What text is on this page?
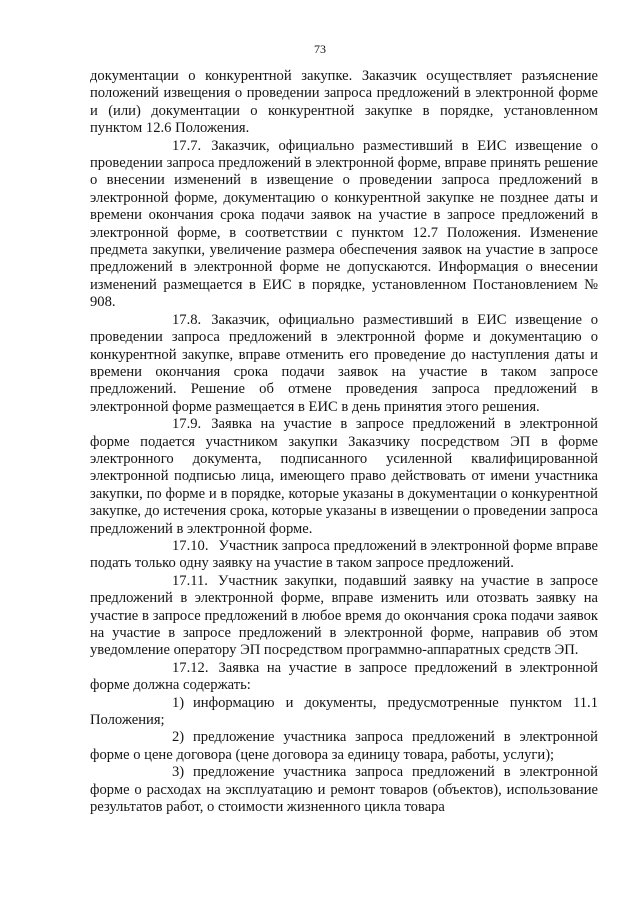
73

документации о конкурентной закупке. Заказчик осуществляет разъяснение положений извещения о проведении запроса предложений в электронной форме и (или) документации о конкурентной закупке в порядке, установленном пунктом 12.6 Положения.

17.7. Заказчик, официально разместивший в ЕИС извещение о проведении запроса предложений в электронной форме, вправе принять решение о внесении изменений в извещение о проведении запроса предложений в электронной форме, документацию о конкурентной закупке не позднее даты и времени окончания срока подачи заявок на участие в запросе предложений в электронной форме, в соответствии с пунктом 12.7 Положения. Изменение предмета закупки, увеличение размера обеспечения заявок на участие в запросе предложений в электронной форме не допускаются. Информация о внесении изменений размещается в ЕИС в порядке, установленном Постановлением № 908.

17.8. Заказчик, официально разместивший в ЕИС извещение о проведении запроса предложений в электронной форме и документацию о конкурентной закупке, вправе отменить его проведение до наступления даты и времени окончания срока подачи заявок на участие в таком запросе предложений. Решение об отмене проведения запроса предложений в электронной форме размещается в ЕИС в день принятия этого решения.

17.9. Заявка на участие в запросе предложений в электронной форме подается участником закупки Заказчику посредством ЭП в форме электронного документа, подписанного усиленной квалифицированной электронной подписью лица, имеющего право действовать от имени участника закупки, по форме и в порядке, которые указаны в документации о конкурентной закупке, до истечения срока, которые указаны в извещении о проведении запроса предложений в электронной форме.

17.10. Участник запроса предложений в электронной форме вправе подать только одну заявку на участие в таком запросе предложений.

17.11. Участник закупки, подавший заявку на участие в запросе предложений в электронной форме, вправе изменить или отозвать заявку на участие в запросе предложений в любое время до окончания срока подачи заявок на участие в запросе предложений в электронной форме, направив об этом уведомление оператору ЭП посредством программно-аппаратных средств ЭП.

17.12. Заявка на участие в запросе предложений в электронной форме должна содержать:

1) информацию и документы, предусмотренные пунктом 11.1 Положения;

2) предложение участника запроса предложений в электронной форме о цене договора (цене договора за единицу товара, работы, услуги);

3) предложение участника запроса предложений в электронной форме о расходах на эксплуатацию и ремонт товаров (объектов), использование результатов работ, о стоимости жизненного цикла товара
